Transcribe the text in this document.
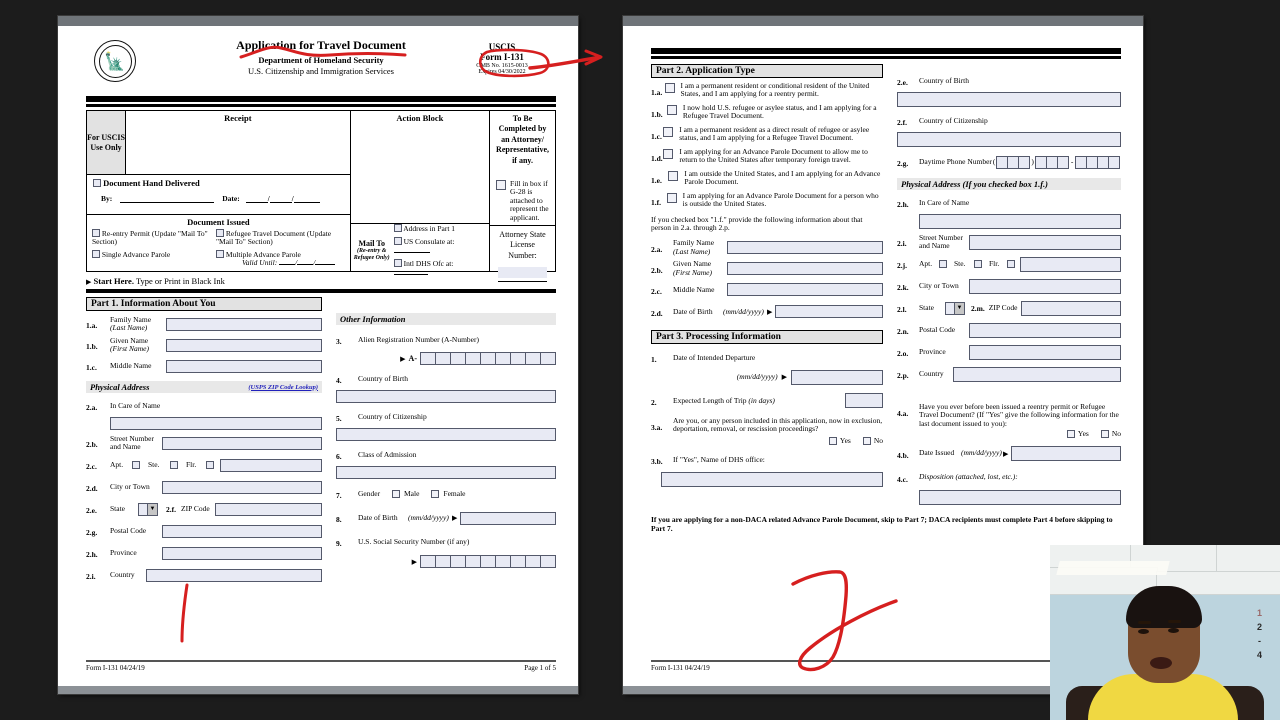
🗽
Application for Travel Document
Department of Homeland Security
U.S. Citizenship and Immigration Services
USCIS
Form I-131
OMB No. 1615-0013
Expires 04/30/2022
For USCIS Use Only
Receipt
Document Hand Delivered
By:	Date:	/	/
Document Issued
Re-entry Permit (Update "Mail To" Section)
Refugee Travel Document (Update "Mail To" Section)
Single Advance Parole	Multiple Advance Parole
Valid Until: / /
Action Block
Mail To
(Re-entry & Refugee Only)
Address in Part 1
US Consulate at:
Intl DHS Ofc at:
To Be Completed by an Attorney/ Representative, if any.
Fill in box if G-28 is attached to represent the applicant.
Attorney State License Number:
▶ Start Here. Type or Print in Black Ink
Part 1. Information About You
1.a.
Family Name
(Last Name)
1.b.
Given Name
(First Name)
1.c.	Middle Name
Physical Address	(USPS ZIP Code Lookup)
2.a.	In Care of Name
2.b.
Street Number and Name
2.c.	Apt.	Ste.	Flr.
2.d.	City or Town
2.e.	State	▼ 2.f. ZIP Code
2.g.	Postal Code
2.h.	Province
2.i.	Country
Other Information
3.	Alien Registration Number (A-Number)
▶ A-
4.	Country of Birth
5.	Country of Citizenship
6.	Class of Admission
7.	Gender	Male	Female
8.	Date of Birth	(mm/dd/yyyy) ▶
9.	U.S. Social Security Number (if any)
▶
Form I-131 04/24/19	Page 1 of 5
Part 2. Application Type
1.a.
I am a permanent resident or conditional resident of the United States, and I am applying for a reentry permit.
1.b.
I now hold U.S. refugee or asylee status, and I am applying for a Refugee Travel Document.
1.c.
I am a permanent resident as a direct result of refugee or asylee status, and I am applying for a Refugee Travel Document.
1.d.
I am applying for an Advance Parole Document to allow me to return to the United States after temporary foreign travel.
1.e.
I am outside the United States, and I am applying for an Advance Parole Document.
1.f.
I am applying for an Advance Parole Document for a person who is outside the United States.
If you checked box "1.f." provide the following information about that person in 2.a. through 2.p.
2.a.
Family Name
(Last Name)
2.b.
Given Name
(First Name)
2.c.	Middle Name
2.d.	Date of Birth	(mm/dd/yyyy) ▶
Part 3. Processing Information
1.	Date of Intended Departure
(mm/dd/yyyy) ▶
2.	Expected Length of Trip (in days)
3.a.
Are you, or any person included in this application, now in exclusion, deportation, removal, or rescission proceedings?
Yes	No
3.b.	If "Yes", Name of DHS office:
2.e.	Country of Birth
2.f.	Country of Citizenship
2.g.	Daytime Phone Number (	)	-
Physical Address (If you checked box 1.f.)
2.h.	In Care of Name
2.i.
Street Number and Name
2.j.	Apt.	Ste.	Flr.
2.k.	City or Town
2.l.	State	▼ 2.m. ZIP Code
2.n.	Postal Code
2.o.	Province
2.p.	Country
4.a.
Have you ever before been issued a reentry permit or Refugee Travel Document? (If "Yes" give the following information for the last document issued to you):
Yes	No
4.b.	Date Issued (mm/dd/yyyy) ▶
4.c.	Disposition (attached, lost, etc.):
If you are applying for a non-DACA related Advance Parole Document, skip to Part 7; DACA recipients must complete Part 4 before skipping to Part 7.
Form I-131 04/24/19
1
2
-
4
